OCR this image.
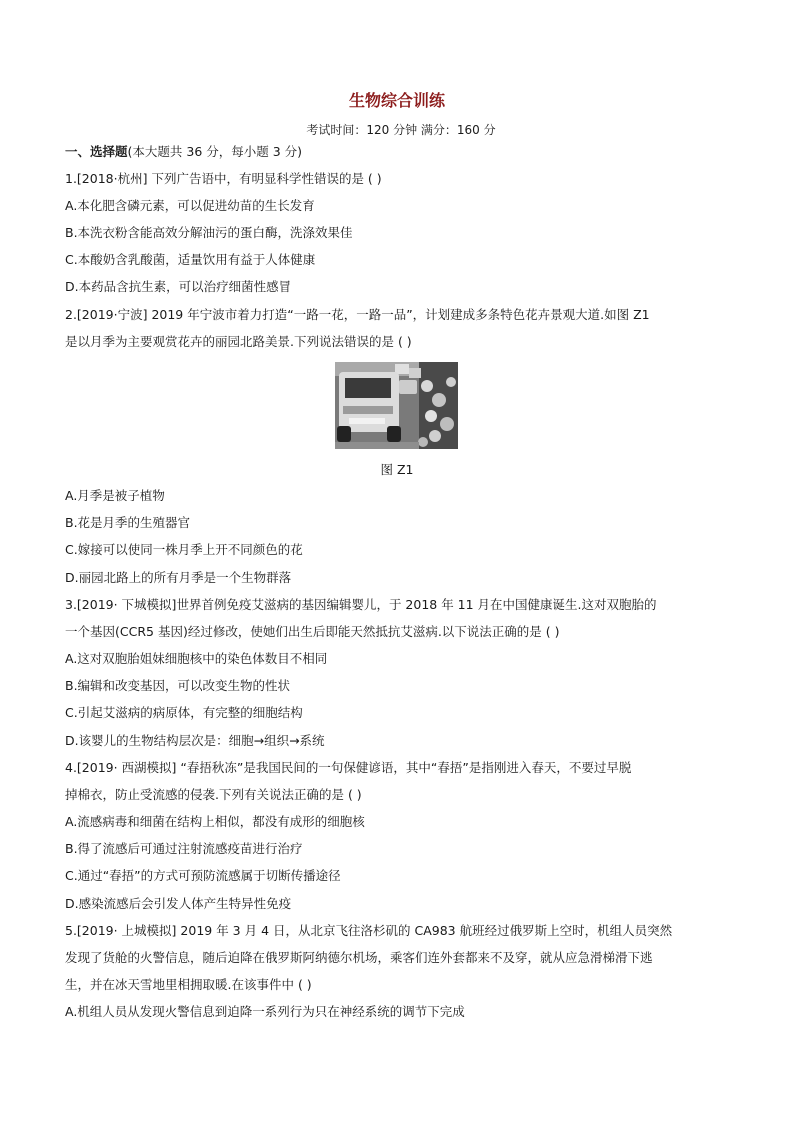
生物综合训练
考试时间：120 分钟 满分：160 分
一、选择题(本大题共 36 分，每小题 3 分)
1.[2018·杭州] 下列广告语中，有明显科学性错误的是 ( )
A.本化肥含磷元素，可以促进幼苗的生长发育
B.本洗衣粉含能高效分解油污的蛋白酶，洗涤效果佳
C.本酸奶含乳酸菌，适量饮用有益于人体健康
D.本药品含抗生素，可以治疗细菌性感冒
2.[2019·宁波] 2019 年宁波市着力打造“一路一花，一路一品”，计划建成多条特色花卉景观大道.如图 Z1
是以月季为主要观赏花卉的丽园北路美景.下列说法错误的是 ( )
图 Z1
A.月季是被子植物
B.花是月季的生殖器官
C.嫁接可以使同一株月季上开不同颜色的花
D.丽园北路上的所有月季是一个生物群落
3.[2019· 下城模拟]世界首例免疫艾滋病的基因编辑婴儿，于 2018 年 11 月在中国健康诞生.这对双胞胎的
一个基因(CCR5 基因)经过修改，使她们出生后即能天然抵抗艾滋病.以下说法正确的是 ( )
A.这对双胞胎姐妹细胞核中的染色体数目不相同
B.编辑和改变基因，可以改变生物的性状
C.引起艾滋病的病原体，有完整的细胞结构
D.该婴儿的生物结构层次是：细胞→组织→系统
4.[2019· 西湖模拟] “春捂秋冻”是我国民间的一句保健谚语，其中“春捂”是指刚进入春天，不要过早脱
掉棉衣，防止受流感的侵袭.下列有关说法正确的是 ( )
A.流感病毒和细菌在结构上相似，都没有成形的细胞核
B.得了流感后可通过注射流感疫苗进行治疗
C.通过“春捂”的方式可预防流感属于切断传播途径
D.感染流感后会引发人体产生特异性免疫
5.[2019· 上城模拟] 2019 年 3 月 4 日，从北京飞往洛杉矶的 CA983 航班经过俄罗斯上空时，机组人员突然
发现了货舱的火警信息，随后迫降在俄罗斯阿纳德尔机场，乘客们连外套都来不及穿，就从应急滑梯滑下逃
生，并在冰天雪地里相拥取暖.在该事件中 ( )
A.机组人员从发现火警信息到迫降一系列行为只在神经系统的调节下完成
